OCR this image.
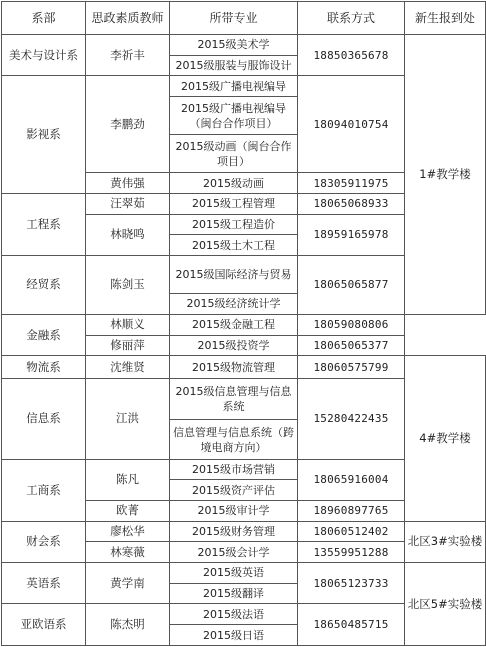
系部	思政素质教师	所带专业	联系方式	新生报到处
美术与设计系	李祈丰	2015级美术学	18850365678	1#教学楼
		2015级服装与服饰设计		
影视系	李鹏劲	2015级广播电视编导	18094010754	
		2015级广播电视编导（闽台合作项目）		
		2015级动画（闽台合作项目）		
	黄伟强	2015级动画	18305911975	
工程系	汪翠茹	2015级工程管理	18065068933	
	林晓鸣	2015级工程造价	18959165978	
		2015级土木工程		
经贸系	陈剑玉	2015级国际经济与贸易	18065065877	
		2015级经济统计学		
金融系	林顺义	2015级金融工程	18059080806	
	修丽萍	2015级投资学	18065065377	
物流系	沈维贤	2015级物流管理	18060575799	4#教学楼
信息系	江洪	2015级信息管理与信息系统	15280422435	
		信息管理与信息系统（跨境电商方向）		
工商系	陈凡	2015级市场营销	18065916004	
		2015级资产评估		
	欧菁	2015级审计学	18960897765	
财会系	廖松华	2015级财务管理	18060512402	北区3#实验楼
	林寒薇	2015级会计学	13559951288	
英语系	黄学南	2015级英语	18065123733	北区5#实验楼
		2015级翻译		
亚欧语系	陈杰明	2015级法语	18650485715	
		2015级日语		
